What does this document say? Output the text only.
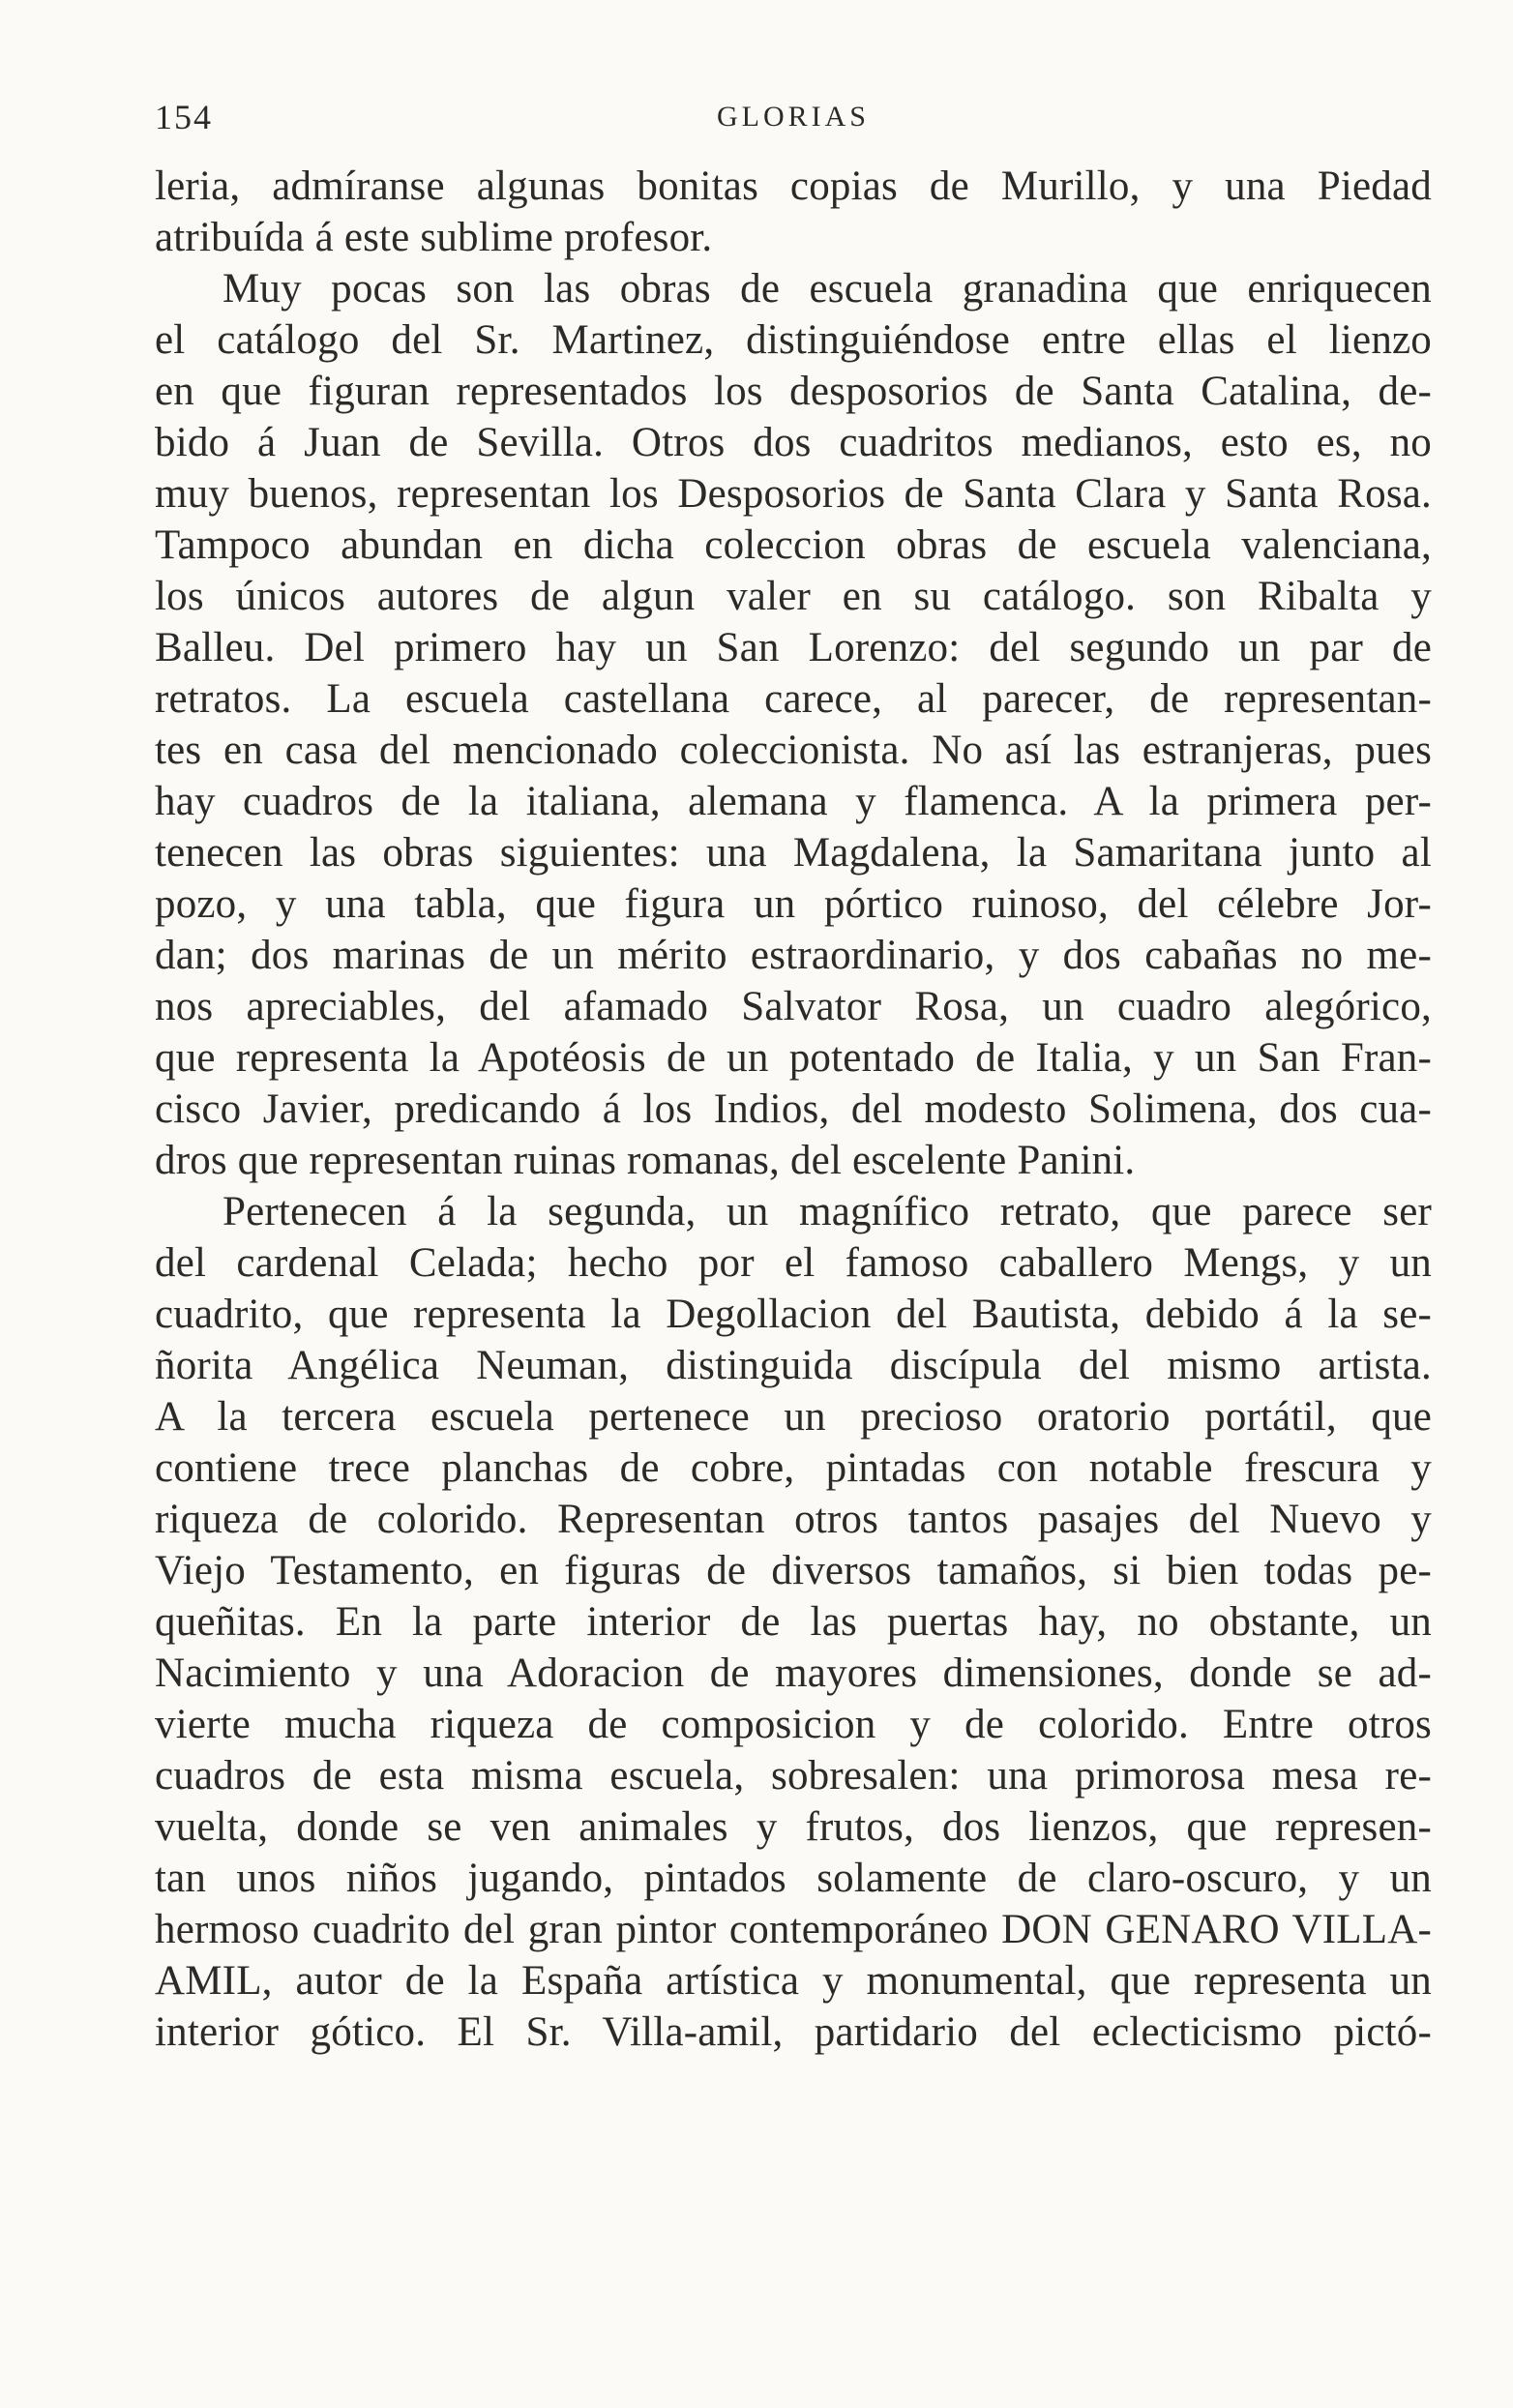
154	GLORIAS
leria, admíranse algunas bonitas copias de Murillo, y una Piedad
atribuída á este sublime profesor.
Muy pocas son las obras de escuela granadina que enriquecen
el catálogo del Sr. Martinez, distinguiéndose entre ellas el lienzo
en que figuran representados los desposorios de Santa Catalina, de-
bido á Juan de Sevilla. Otros dos cuadritos medianos, esto es, no
muy buenos, representan los Desposorios de Santa Clara y Santa Rosa.
Tampoco abundan en dicha coleccion obras de escuela valenciana,
los únicos autores de algun valer en su catálogo. son Ribalta y
Balleu. Del primero hay un San Lorenzo: del segundo un par de
retratos. La escuela castellana carece, al parecer, de representan-
tes en casa del mencionado coleccionista. No así las estranjeras, pues
hay cuadros de la italiana, alemana y flamenca. A la primera per-
tenecen las obras siguientes: una Magdalena, la Samaritana junto al
pozo, y una tabla, que figura un pórtico ruinoso, del célebre Jor-
dan; dos marinas de un mérito estraordinario, y dos cabañas no me-
nos apreciables, del afamado Salvator Rosa, un cuadro alegórico,
que representa la Apotéosis de un potentado de Italia, y un San Fran-
cisco Javier, predicando á los Indios, del modesto Solimena, dos cua-
dros que representan ruinas romanas, del escelente Panini.
Pertenecen á la segunda, un magnífico retrato, que parece ser
del cardenal Celada; hecho por el famoso caballero Mengs, y un
cuadrito, que representa la Degollacion del Bautista, debido á la se-
ñorita Angélica Neuman, distinguida discípula del mismo artista.
A la tercera escuela pertenece un precioso oratorio portátil, que
contiene trece planchas de cobre, pintadas con notable frescura y
riqueza de colorido. Representan otros tantos pasajes del Nuevo y
Viejo Testamento, en figuras de diversos tamaños, si bien todas pe-
queñitas. En la parte interior de las puertas hay, no obstante, un
Nacimiento y una Adoracion de mayores dimensiones, donde se ad-
vierte mucha riqueza de composicion y de colorido. Entre otros
cuadros de esta misma escuela, sobresalen: una primorosa mesa re-
vuelta, donde se ven animales y frutos, dos lienzos, que represen-
tan unos niños jugando, pintados solamente de claro-oscuro, y un
hermoso cuadrito del gran pintor contemporáneo DON GENARO VILLA-
AMIL, autor de la España artística y monumental, que representa un
interior gótico. El Sr. Villa-amil, partidario del eclecticismo pictó-
